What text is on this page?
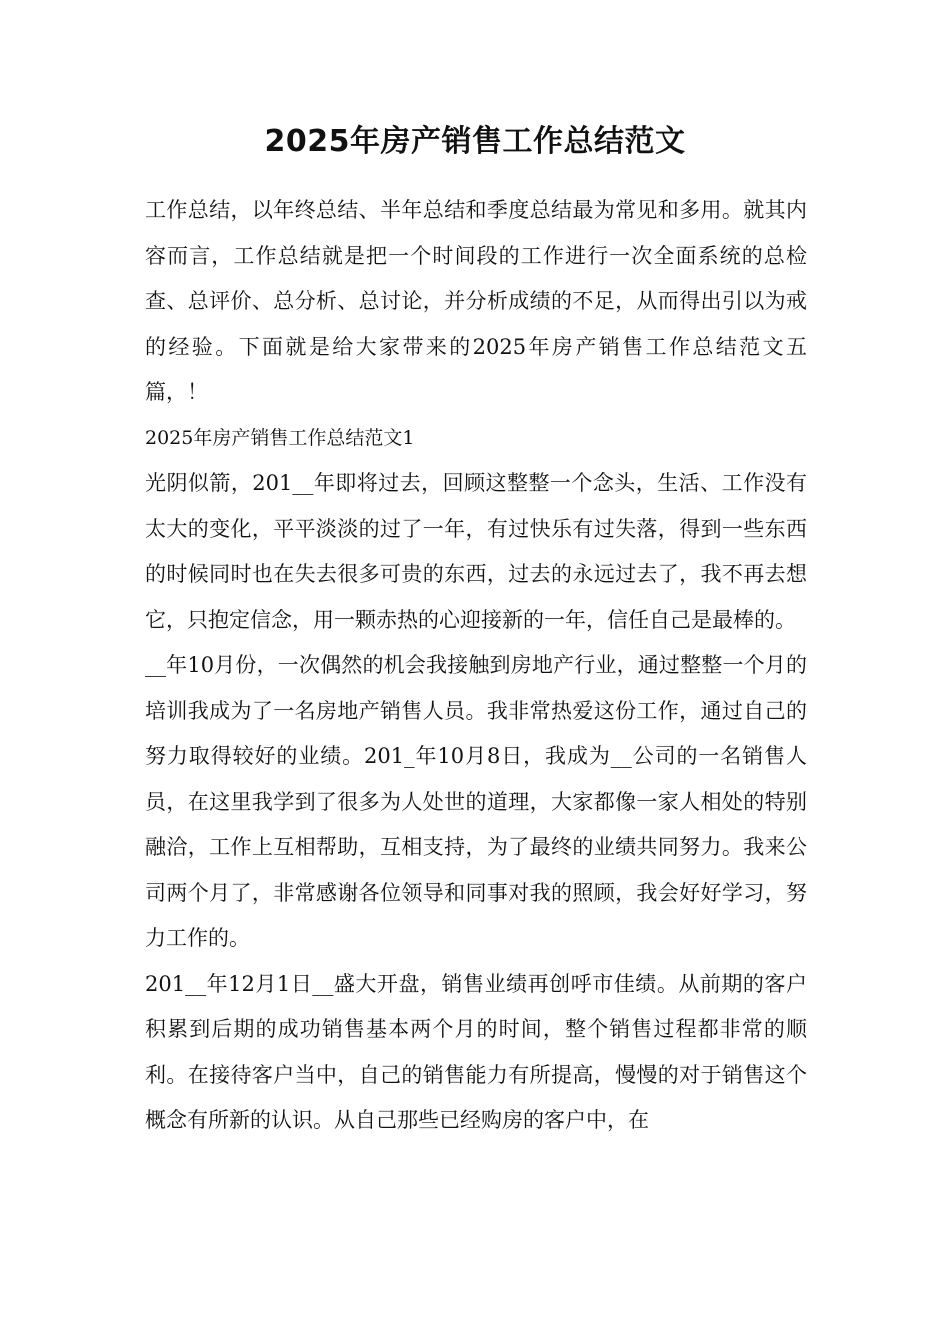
2025年房产销售工作总结范文

工作总结，以年终总结、半年总结和季度总结最为常见和多用。就其内容而言，工作总结就是把一个时间段的工作进行一次全面系统的总检查、总评价、总分析、总讨论，并分析成绩的不足，从而得出引以为戒的经验。下面就是给大家带来的2025年房产销售工作总结范文五篇，！

2025年房产销售工作总结范文1

光阴似箭，201__年即将过去，回顾这整整一个念头，生活、工作没有太大的变化，平平淡淡的过了一年，有过快乐有过失落，得到一些东西的时候同时也在失去很多可贵的东西，过去的永远过去了，我不再去想它，只抱定信念，用一颗赤热的心迎接新的一年，信任自己是最棒的。

__年10月份，一次偶然的机会我接触到房地产行业，通过整整一个月的培训我成为了一名房地产销售人员。我非常热爱这份工作，通过自己的努力取得较好的业绩。201_年10月8日，我成为__公司的一名销售人员，在这里我学到了很多为人处世的道理，大家都像一家人相处的特别融洽，工作上互相帮助，互相支持，为了最终的业绩共同努力。我来公司两个月了，非常感谢各位领导和同事对我的照顾，我会好好学习，努力工作的。

201__年12月1日__盛大开盘，销售业绩再创呼市佳绩。从前期的客户积累到后期的成功销售基本两个月的时间，整个销售过程都非常的顺利。在接待客户当中，自己的销售能力有所提高，慢慢的对于销售这个概念有所新的认识。从自己那些已经购房的客户中，在
